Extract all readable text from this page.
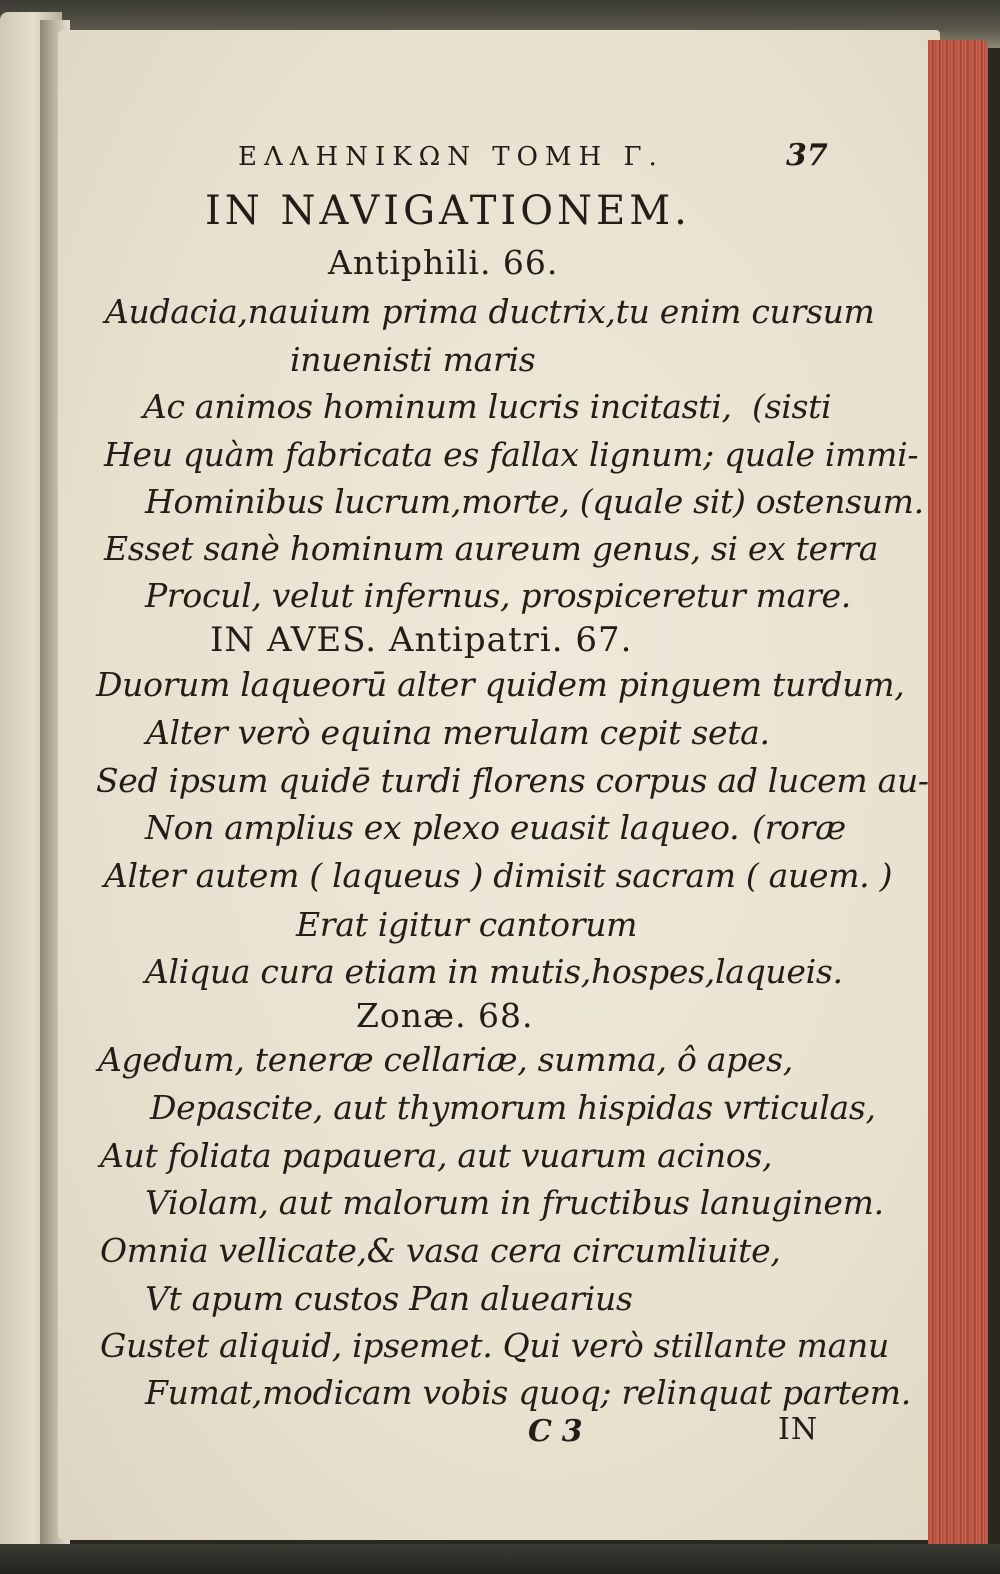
ΕΛΛΗΝΙΚΩΝ ΤΟΜΗ Γ.	37
IN NAVIGATIONEM.
Antiphili. 66.
Audacia,nauium prima ductrix,tu enim cursum
inuenisti maris
Ac animos hominum lucris incitasti, (sisti
Heu quàm fabricata es fallax lignum; quale immi-
Hominibus lucrum,morte, (quale sit) ostensum.
Esset sanè hominum aureum genus, si ex terra
Procul, velut infernus, prospiceretur mare.
IN AVES. Antipatri. 67.
Duorum laqueorū alter quidem pinguem turdum,
Alter verò equina merulam cepit seta.
Sed ipsum quidē turdi florens corpus ad lucem au-
Non amplius ex plexo euasit laqueo. (roræ
Alter autem ( laqueus ) dimisit sacram ( auem. )
Erat igitur cantorum
Aliqua cura etiam in mutis,hospes,laqueis.
Zonæ. 68.
Agedum, teneræ cellariæ, summa, ô apes,
Depascite, aut thymorum hispidas vrticulas,
Aut foliata papauera, aut vuarum acinos,
Violam, aut malorum in fructibus lanuginem.
Omnia vellicate,& vasa cera circumliuite,
Vt apum custos Pan aluearius
Gustet aliquid, ipsemet. Qui verò stillante manu
Fumat,modicam vobis quoq; relinquat partem.
C 3	IN
